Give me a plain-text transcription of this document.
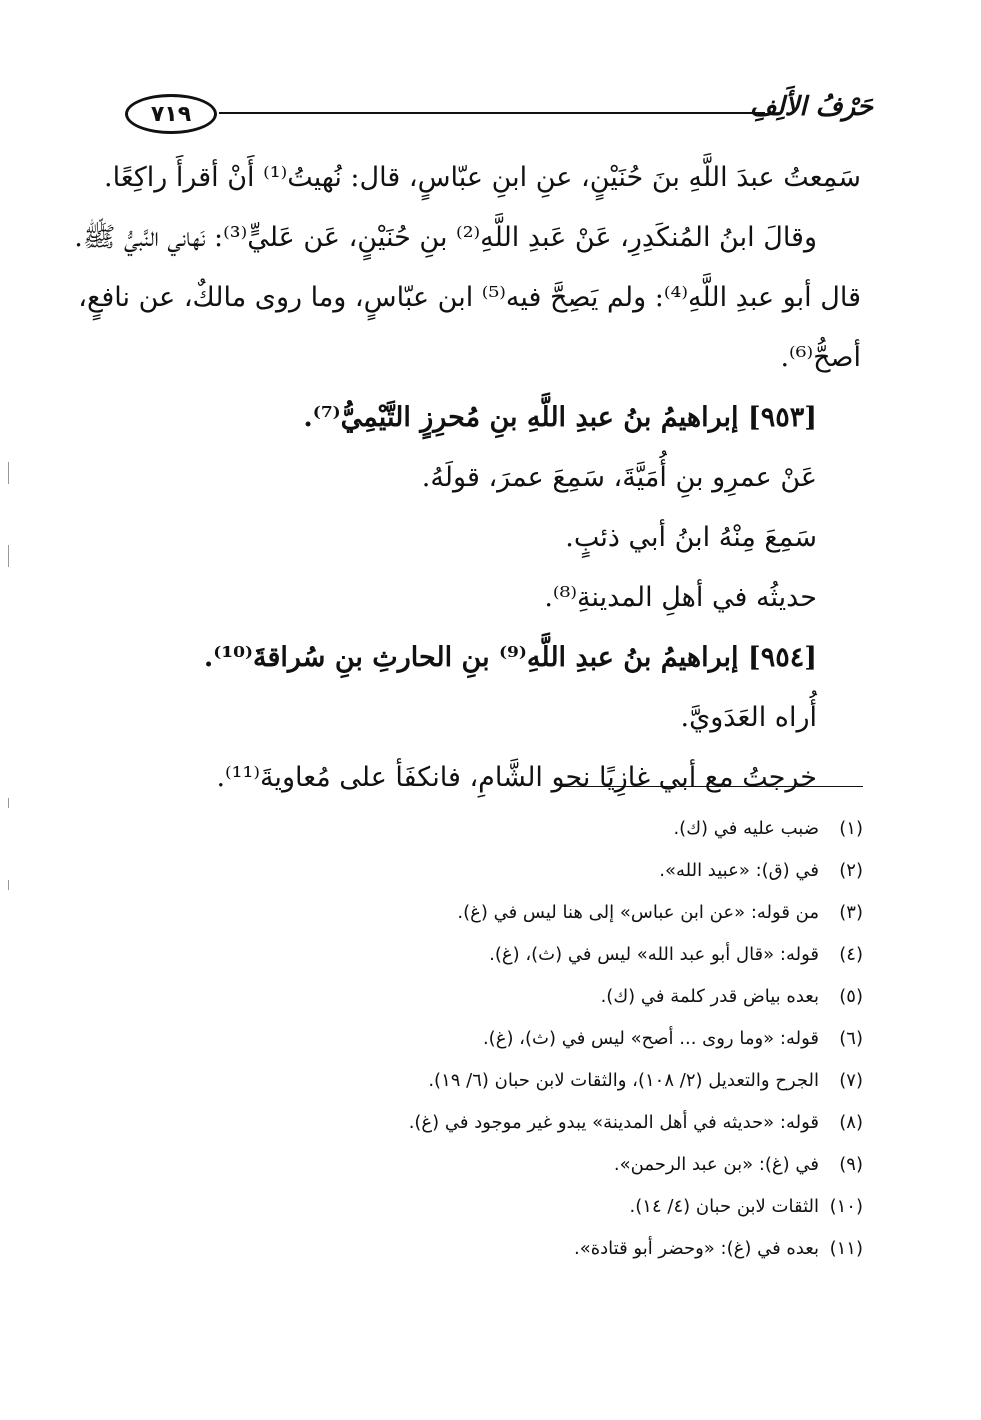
٧١٩	حَرْفُ الأَلِفِ
سَمِعتُ عبدَ اللَّهِ بنَ حُنَيْنٍ، عنِ ابنِ عبّاسٍ، قال: نُهيتُ⁽¹⁾ أَنْ أقرأَ راكِعًا.
وقالَ ابنُ المُنكَدِرِ، عَنْ عَبدِ اللَّهِ⁽²⁾ بنِ حُنَيْنٍ، عَن عَليٍّ⁽³⁾: نَهاني النَّبيُّ ﷺ.
قال أبو عبدِ اللَّهِ⁽⁴⁾: ولم يَصِحَّ فيه⁽⁵⁾ ابن عبّاسٍ، وما روى مالكٌ، عن نافعٍ،
أصحُّ⁽⁶⁾.
[٩٥٣] إبراهيمُ بنُ عبدِ اللَّهِ بنِ مُحرِزٍ التَّيْمِيُّ⁽⁷⁾.
عَنْ عمرِو بنِ أُمَيَّةَ، سَمِعَ عمرَ، قولَهُ.
سَمِعَ مِنْهُ ابنُ أبي ذئبٍ.
حديثُه في أهلِ المدينةِ⁽⁸⁾.
[٩٥٤] إبراهيمُ بنُ عبدِ اللَّهِ⁽⁹⁾ بنِ الحارثِ بنِ سُراقةَ⁽¹⁰⁾.
أُراه العَدَويَّ.
خرجتُ مع أبي غازِيًا نحو الشَّامِ، فانكفَأ على مُعاويةَ⁽¹¹⁾.
(١)ضبب عليه في (ك).
(٢)في (ق): «عبيد الله».
(٣)من قوله: «عن ابن عباس» إلى هنا ليس في (غ).
(٤)قوله: «قال أبو عبد الله» ليس في (ث)، (غ).
(٥)بعده بياض قدر كلمة في (ك).
(٦)قوله: «وما روى ... أصح» ليس في (ث)، (غ).
(٧)الجرح والتعديل (٢/ ١٠٨)، والثقات لابن حبان (٦/ ١٩).
(٨)قوله: «حديثه في أهل المدينة» يبدو غير موجود في (غ).
(٩)في (غ): «بن عبد الرحمن».
(١٠)الثقات لابن حبان (٤/ ١٤).
(١١)بعده في (غ): «وحضر أبو قتادة».
